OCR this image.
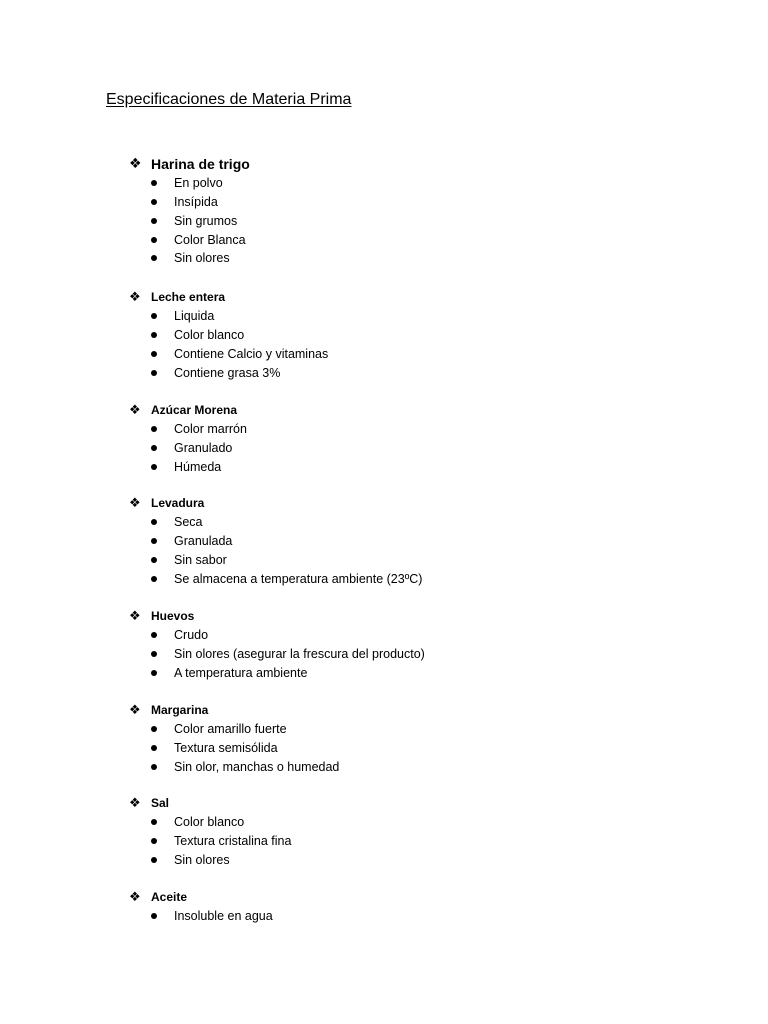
Especificaciones de Materia Prima
❖ Harina de trigo
En polvo
Insípida
Sin grumos
Color Blanca
Sin olores
❖ Leche entera
Liquida
Color blanco
Contiene Calcio y vitaminas
Contiene grasa 3%
❖ Azúcar Morena
Color marrón
Granulado
Húmeda
❖ Levadura
Seca
Granulada
Sin sabor
Se almacena a temperatura ambiente (23ºC)
❖ Huevos
Crudo
Sin olores (asegurar la frescura del producto)
A temperatura ambiente
❖ Margarina
Color amarillo fuerte
Textura semisólida
Sin olor, manchas o humedad
❖ Sal
Color blanco
Textura cristalina fina
Sin olores
❖ Aceite
Insoluble en agua
